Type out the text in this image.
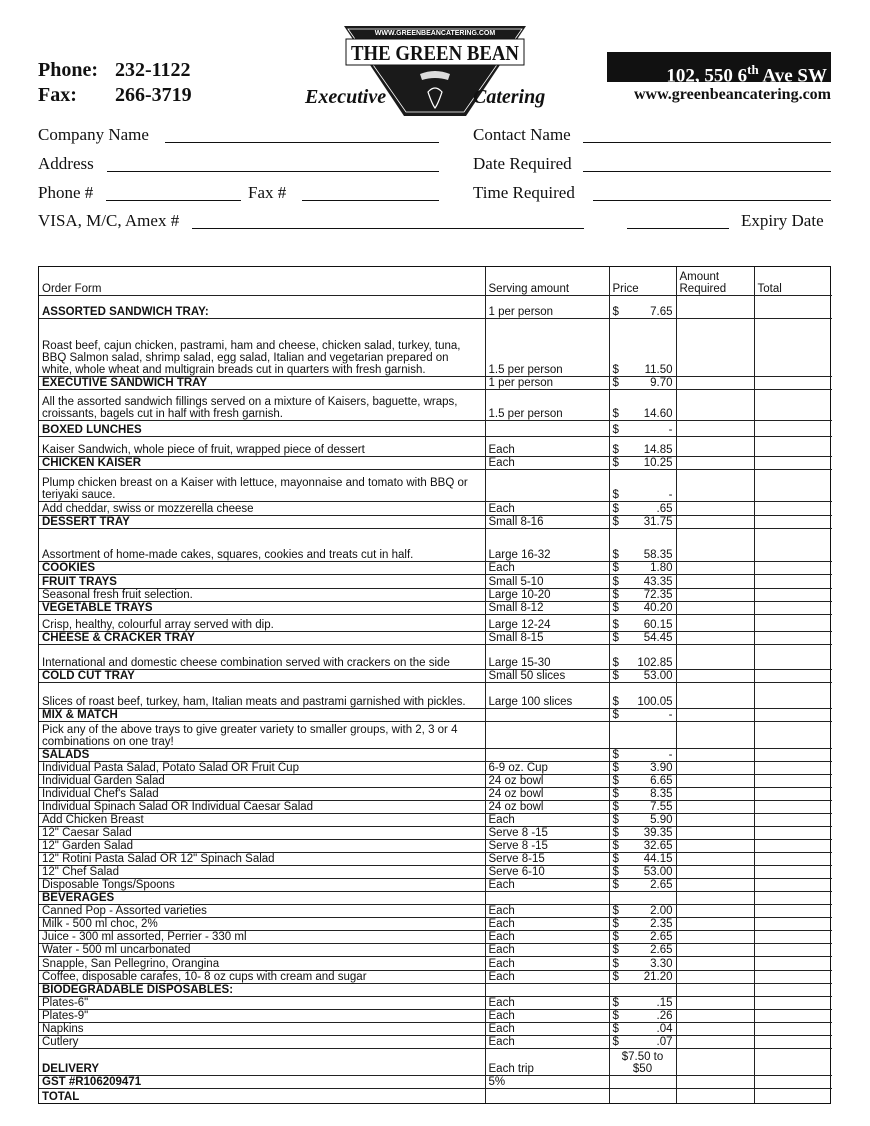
Phone: 232-1122
Fax: 266-3719
WWW.GREENBEANCATERING.COM
THE GREEN BEAN
Executive	Catering
102, 550 6th Ave SW
www.greenbeancatering.com
Company Name	Contact Name
Address	Date Required
Phone #	Fax #	Time Required
VISA, M/C, Amex #	Expiry Date
Order Form	Serving amount	Price	Amount Required	Total
ASSORTED SANDWICH TRAY:	1 per person	$ 7.65		

Roast beef, cajun chicken, pastrami, ham and cheese, chicken salad, turkey, tuna, BBQ Salmon salad, shrimp salad, egg salad, Italian and vegetarian prepared on white, whole wheat and multigrain breads cut in quarters with fresh garnish.	1.5 per person	$ 11.50		

EXECUTIVE SANDWICH TRAY	1 per person	$ 9.70		

All the assorted sandwich fillings served on a mixture of Kaisers, baguette, wraps, croissants, bagels cut in half with fresh garnish.	1.5 per person	$ 14.60		

BOXED LUNCHES		$ -		

Kaiser Sandwich, whole piece of fruit, wrapped piece of dessert	Each	$ 14.85		

CHICKEN KAISER	Each	$ 10.25		

Plump chicken breast on a Kaiser with lettuce, mayonnaise and tomato with BBQ or teriyaki sauce.		$ -		

Add cheddar, swiss or mozzerella cheese	Each	$ .65		

DESSERT TRAY	Small 8-16	$ 31.75		

Assortment of home-made cakes, squares, cookies and treats cut in half.	Large 16-32	$ 58.35		

COOKIES	Each	$ 1.80		

FRUIT TRAYS	Small 5-10	$ 43.35		

Seasonal fresh fruit selection.	Large 10-20	$ 72.35		

VEGETABLE TRAYS	Small 8-12	$ 40.20		

Crisp, healthy, colourful array served with dip.	Large 12-24	$ 60.15		

CHEESE & CRACKER TRAY	Small 8-15	$ 54.45		

International and domestic cheese combination served with crackers on the side	Large 15-30	$ 102.85		

COLD CUT TRAY	Small 50 slices	$ 53.00		

Slices of roast beef, turkey, ham, Italian meats and pastrami garnished with pickles.	Large 100 slices	$ 100.05		

MIX & MATCH		$ -		

Pick any of the above trays to give greater variety to smaller groups, with 2, 3 or 4 combinations on one tray!				
SALADS		$ -		

Individual Pasta Salad, Potato Salad OR Fruit Cup	6-9 oz. Cup	$ 3.90		

Individual Garden Salad	24 oz bowl	$ 6.65		

Individual Chef's Salad	24 oz bowl	$ 8.35		

Individual Spinach Salad OR Individual Caesar Salad	24 oz bowl	$ 7.55		

Add Chicken Breast	Each	$ 5.90		

12" Caesar Salad	Serve 8 -15	$ 39.35		

12" Garden Salad	Serve 8 -15	$ 32.65		

12" Rotini Pasta Salad OR 12" Spinach Salad	Serve 8-15	$ 44.15		

12" Chef Salad	Serve 6-10	$ 53.00		

Disposable Tongs/Spoons	Each	$ 2.65		

BEVERAGES				
Canned Pop - Assorted varieties	Each	$ 2.00		

Milk - 500 ml choc, 2%	Each	$ 2.35		

Juice - 300 ml assorted, Perrier - 330 ml	Each	$ 2.65		

Water - 500 ml uncarbonated	Each	$ 2.65		

Snapple, San Pellegrino, Orangina	Each	$ 3.30		

Coffee, disposable carafes, 10- 8 oz cups with cream and sugar	Each	$ 21.20		

BIODEGRADABLE DISPOSABLES:				
Plates-6"	Each	$ .15		

Plates-9"	Each	$ .26		

Napkins	Each	$ .04		

Cutlery	Each	$ .07		

DELIVERY	Each trip	$7.50 to $50		
GST #R106209471	5%			
TOTAL				
